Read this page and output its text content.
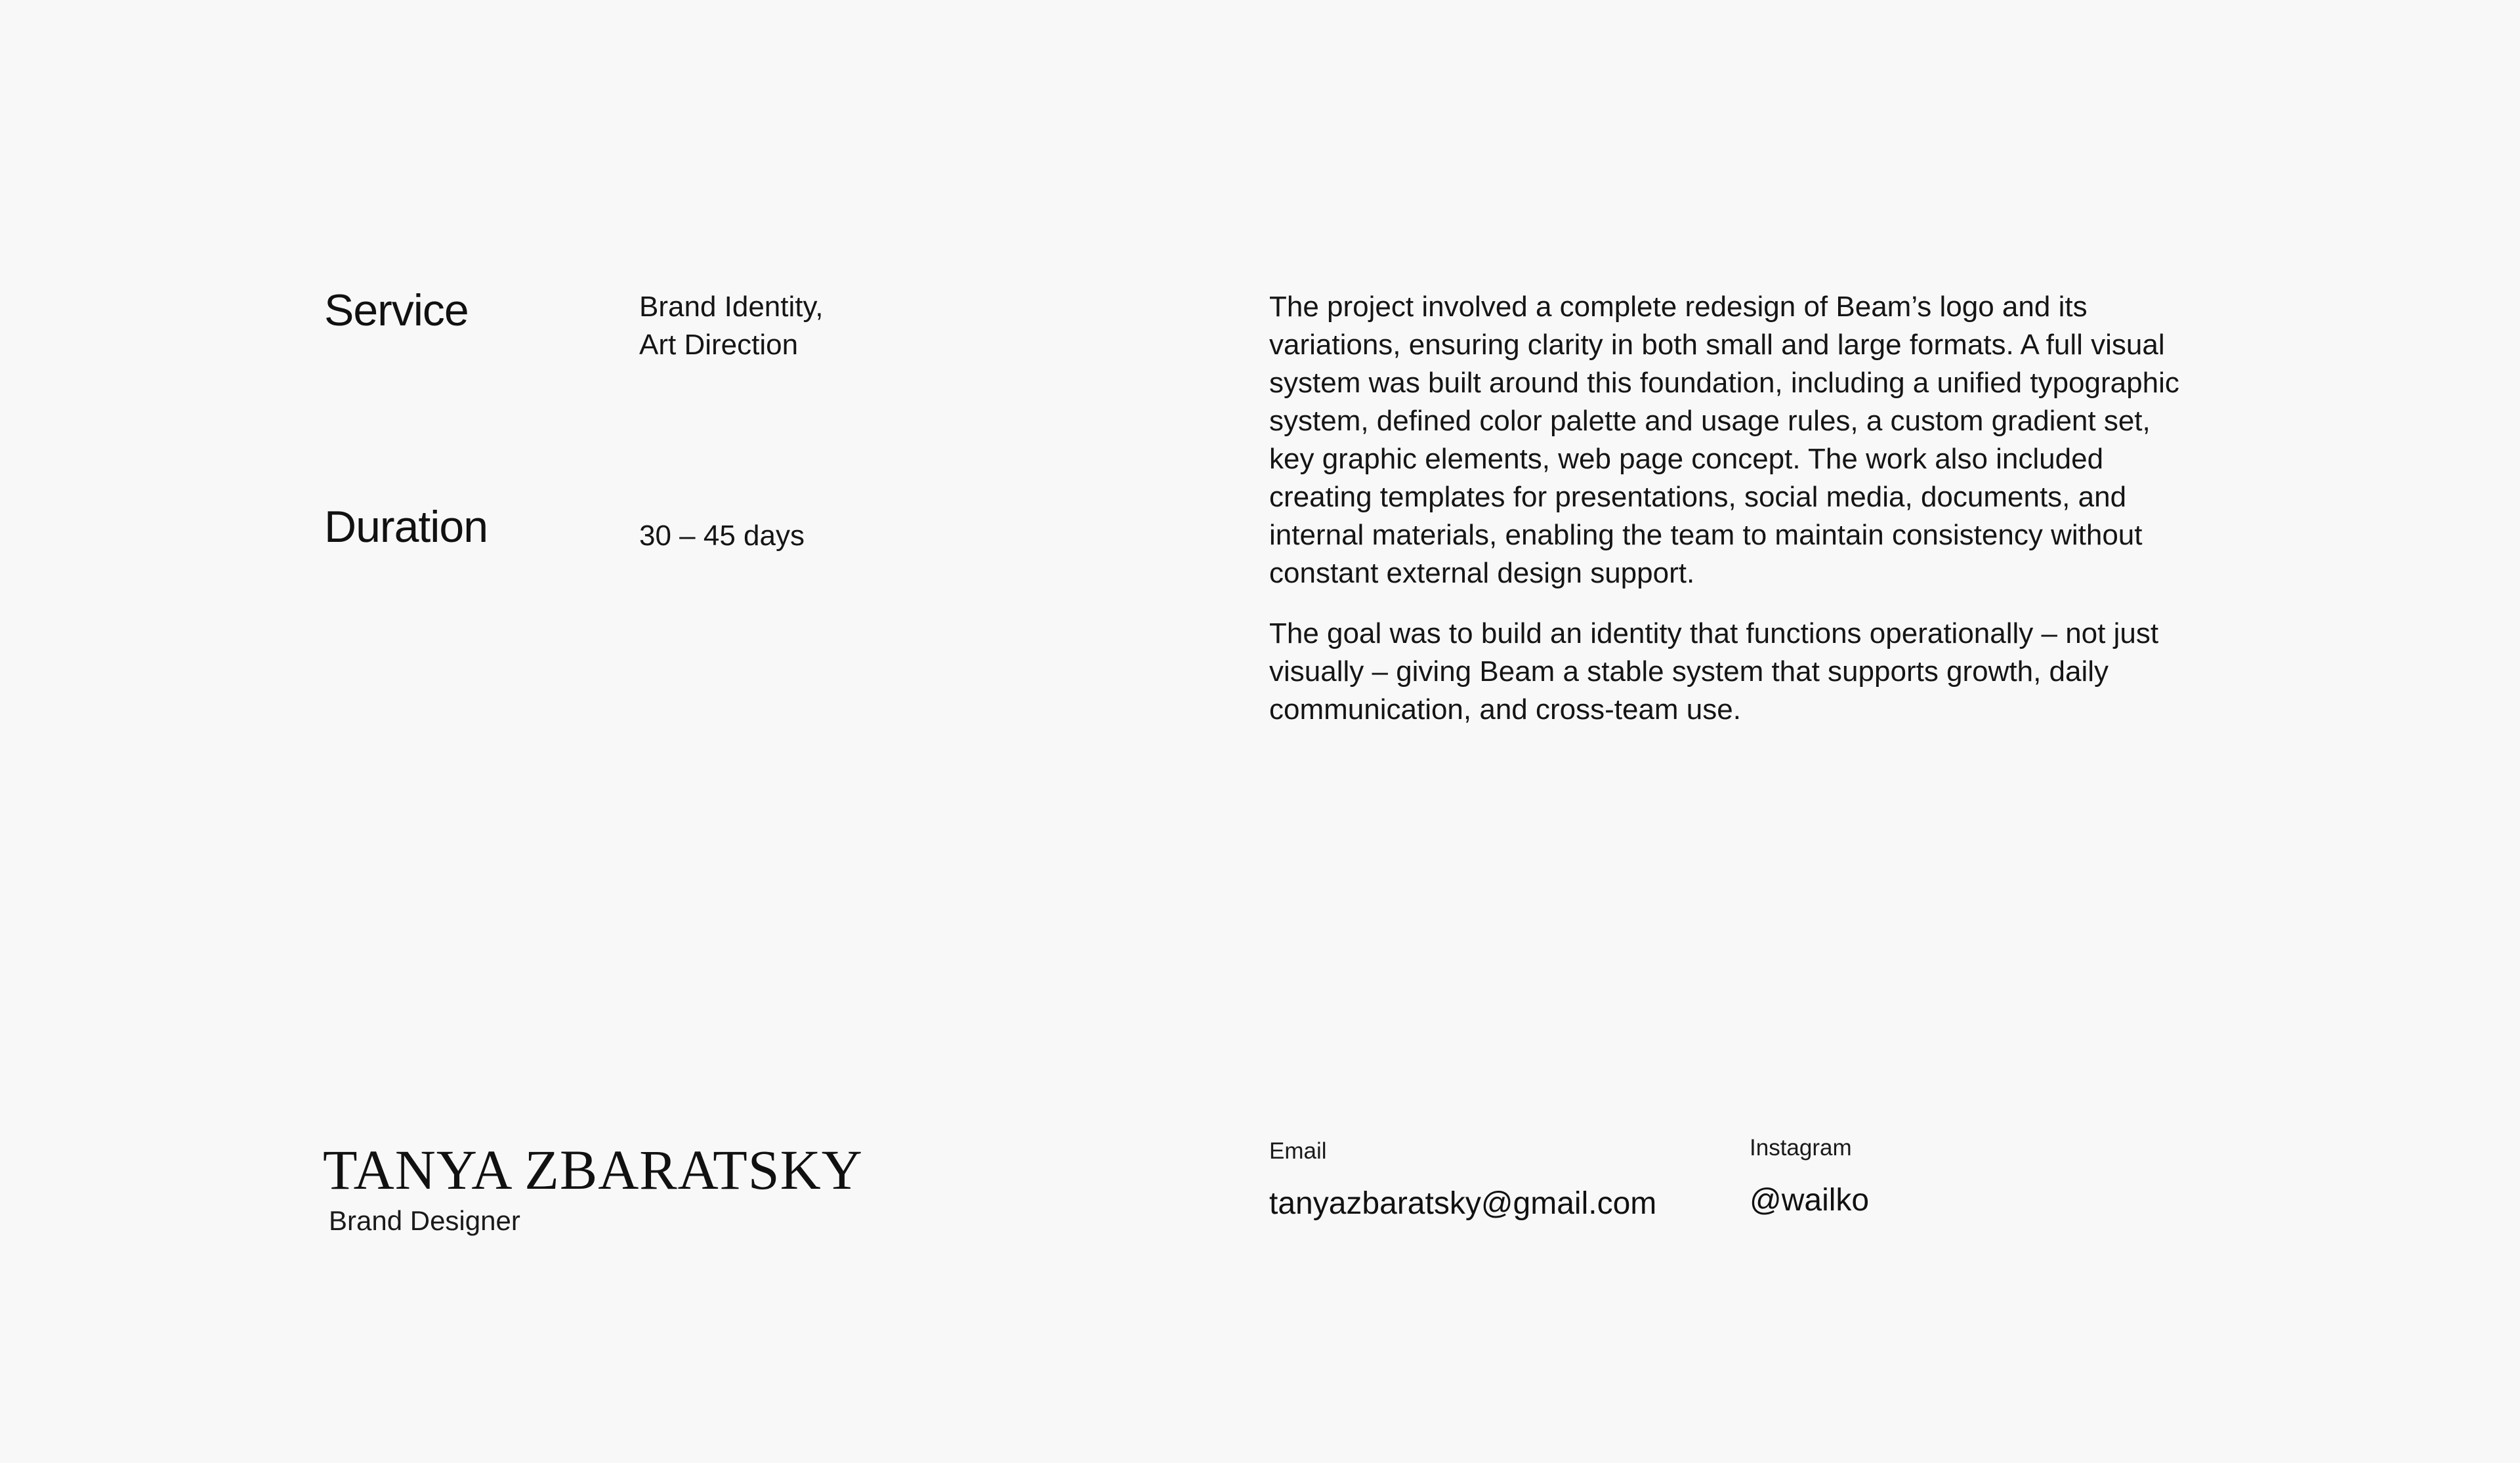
Service	Brand Identity,
Art Direction
Duration	30 – 45 days

The project involved a complete redesign of Beam’s logo and its variations, ensuring clarity in both small and large formats. A full visual system was built around this foundation, including a unified typographic system, defined color palette and usage rules, a custom gradient set, key graphic elements, web page concept. The work also included creating templates for presentations, social media, documents, and internal materials, enabling the team to maintain consistency without constant external design support.

The goal was to build an identity that functions operationally – not just visually – giving Beam a stable system that supports growth, daily communication, and cross-team use.

TANYA ZBARATSKY
Brand Designer
Email
tanyazbaratsky@gmail.com
Instagram
@wailko
